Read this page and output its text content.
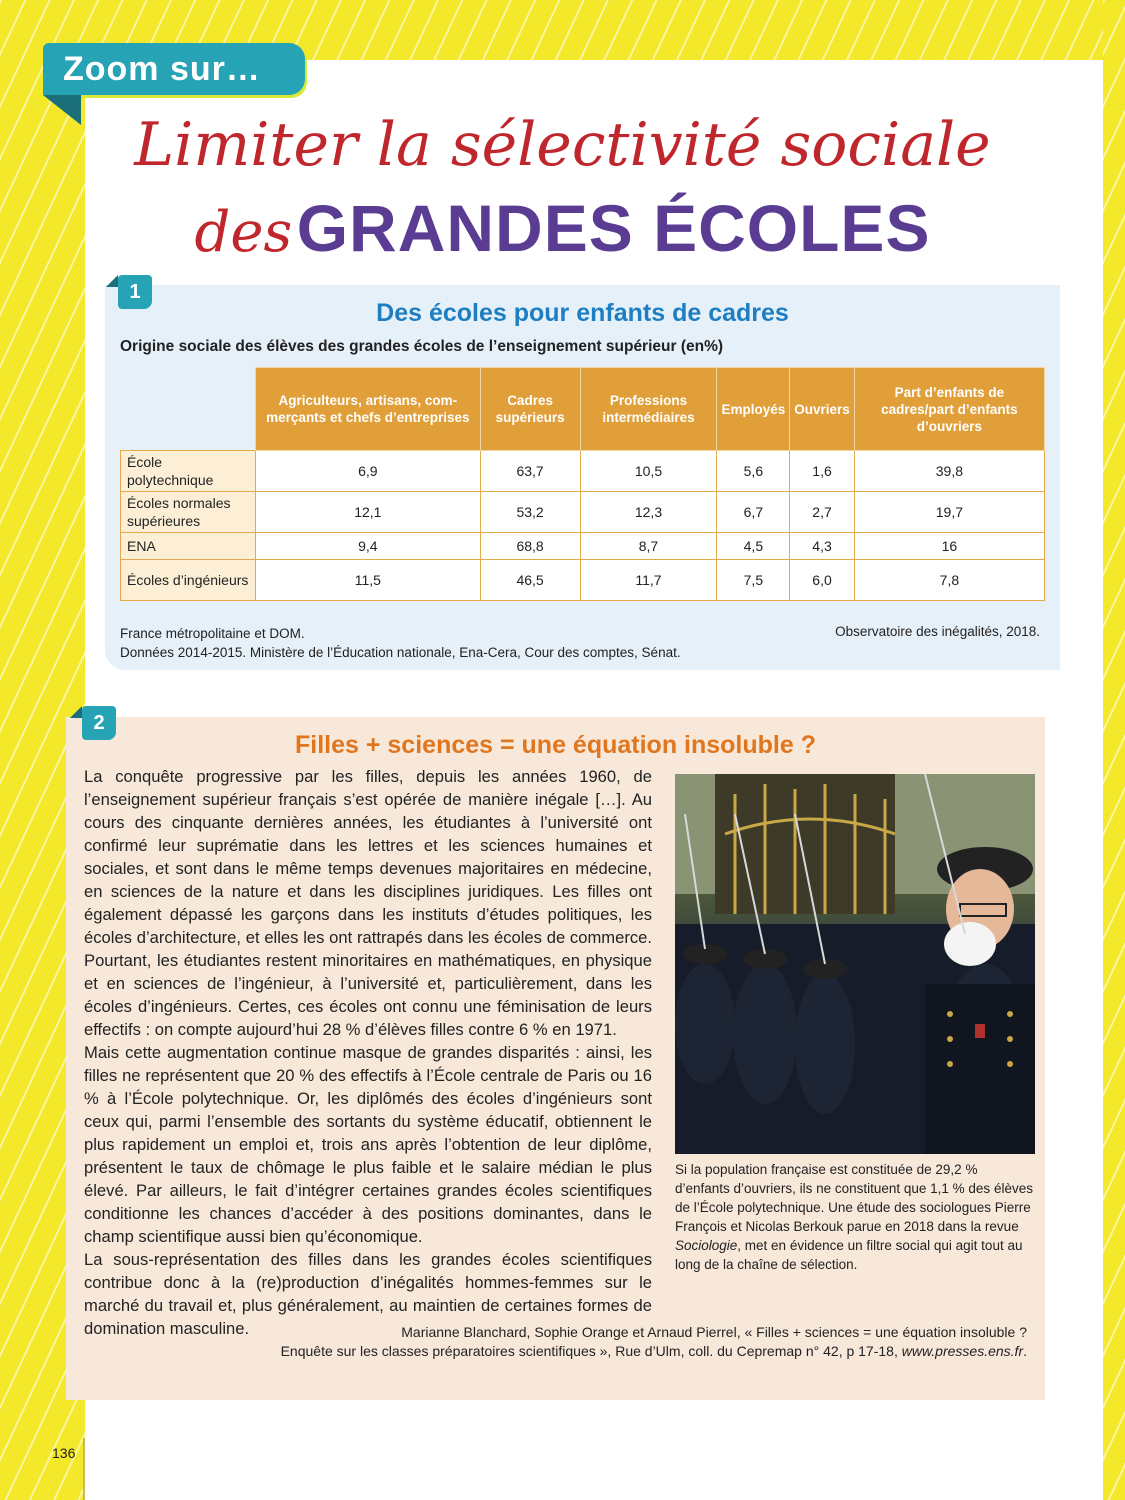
Zoom sur…
Limiter la sélectivité sociale
des GRANDES ÉCOLES
Des écoles pour enfants de cadres
Origine sociale des élèves des grandes écoles de l’enseignement supérieur (en%)
	Agriculteurs, artisans, com-merçants et chefs d’entreprises	Cadres supérieurs	Professions intermédiaires	Employés	Ouvriers	Part d’enfants de cadres/part d’enfants d’ouvriers
École polytechnique	6,9	63,7	10,5	5,6	1,6	39,8
Écoles normales supérieures	12,1	53,2	12,3	6,7	2,7	19,7
ENA	9,4	68,8	8,7	4,5	4,3	16
Écoles d’ingénieurs	11,5	46,5	11,7	7,5	6,0	7,8
France métropolitaine et DOM.
Données 2014-2015. Ministère de l’Éducation nationale, Ena-Cera, Cour des comptes, Sénat.
Observatoire des inégalités, 2018.
1
Filles + sciences = une équation insoluble ?

La conquête progressive par les filles, depuis les années 1960, de l’enseignement supérieur français s’est opérée de manière inégale […]. Au cours des cinquante dernières années, les étudiantes à l’université ont confirmé leur suprématie dans les lettres et les sciences humaines et sociales, et sont dans le même temps devenues majoritaires en médecine, en sciences de la nature et dans les disciplines juridiques. Les filles ont également dépassé les garçons dans les instituts d’études politiques, les écoles d’architecture, et elles les ont rattrapés dans les écoles de commerce. Pourtant, les étudiantes restent minoritaires en mathématiques, en physique et en sciences de l’ingénieur, à l’université et, particulièrement, dans les écoles d’ingénieurs. Certes, ces écoles ont connu une féminisation de leurs effectifs : on compte aujourd’hui 28 % d’élèves filles contre 6 % en 1971.

Mais cette augmentation continue masque de grandes disparités : ainsi, les filles ne représentent que 20 % des effectifs à l’École centrale de Paris ou 16 % à l’École polytechnique. Or, les diplômés des écoles d’ingénieurs sont ceux qui, parmi l’ensemble des sortants du système éducatif, obtiennent le plus rapidement un emploi et, trois ans après l’obtention de leur diplôme, présentent le taux de chômage le plus faible et le salaire médian le plus élevé. Par ailleurs, le fait d’intégrer certaines grandes écoles scientifiques conditionne les chances d’accéder à des positions dominantes, dans le champ scientifique aussi bien qu’économique.

La sous-représentation des filles dans les grandes écoles scientifiques contribue donc à la (re)production d’inégalités hommes-femmes sur le marché du travail et, plus généralement, au maintien de certaines formes de domination masculine.

Si la population française est constituée de 29,2 % d’enfants d’ouvriers, ils ne constituent que 1,1 % des élèves de l’École polytechnique. Une étude des sociologues Pierre François et Nicolas Berkouk parue en 2018 dans la revue Sociologie, met en évidence un filtre social qui agit tout au long de la chaîne de sélection.
Marianne Blanchard, Sophie Orange et Arnaud Pierrel, « Filles + sciences = une équation insoluble ?
Enquête sur les classes préparatoires scientifiques », Rue d’Ulm, coll. du Cepremap n° 42, p 17-18, www.presses.ens.fr.
2
136
